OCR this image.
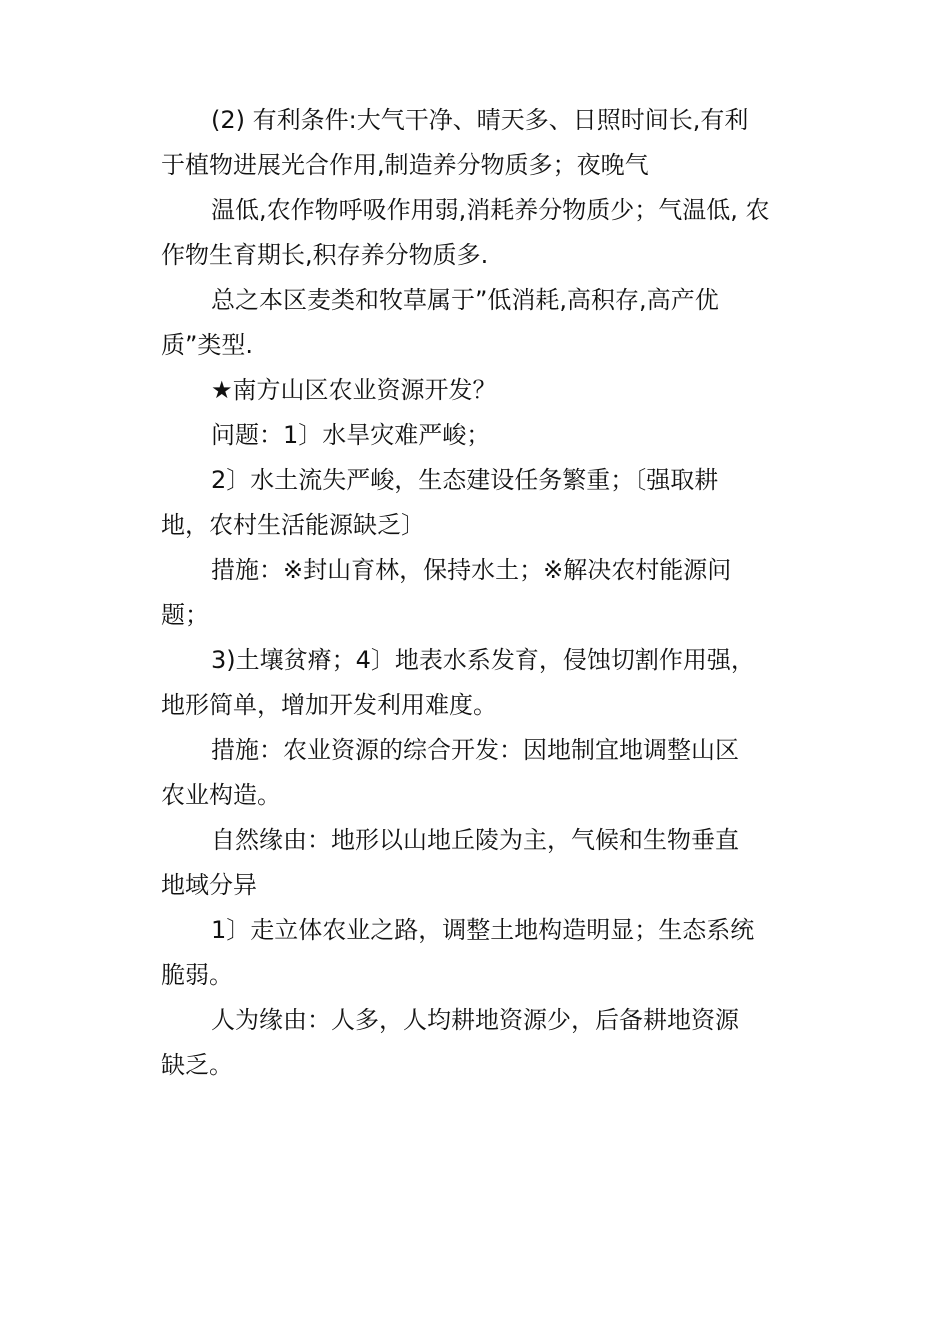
(2) 有利条件:大气干净、晴天多、日照时间长,有利
于植物进展光合作用,制造养分物质多；夜晚气
温低,农作物呼吸作用弱,消耗养分物质少；气温低, 农
作物生育期长,积存养分物质多.
总之本区麦类和牧草属于”低消耗,高积存,高产优
质”类型.
★南方山区农业资源开发？
问题：1〕水旱灾难严峻；
2〕水土流失严峻，生态建设任务繁重；〔强取耕
地，农村生活能源缺乏〕
措施：※封山育林，保持水土；※解决农村能源问
题；
3)土壤贫瘠；4〕地表水系发育，侵蚀切割作用强，
地形简单，增加开发利用难度。
措施：农业资源的综合开发：因地制宜地调整山区
农业构造。
自然缘由：地形以山地丘陵为主，气候和生物垂直
地域分异
1〕走立体农业之路，调整土地构造明显；生态系统
脆弱。
人为缘由：人多，人均耕地资源少，后备耕地资源
缺乏。
